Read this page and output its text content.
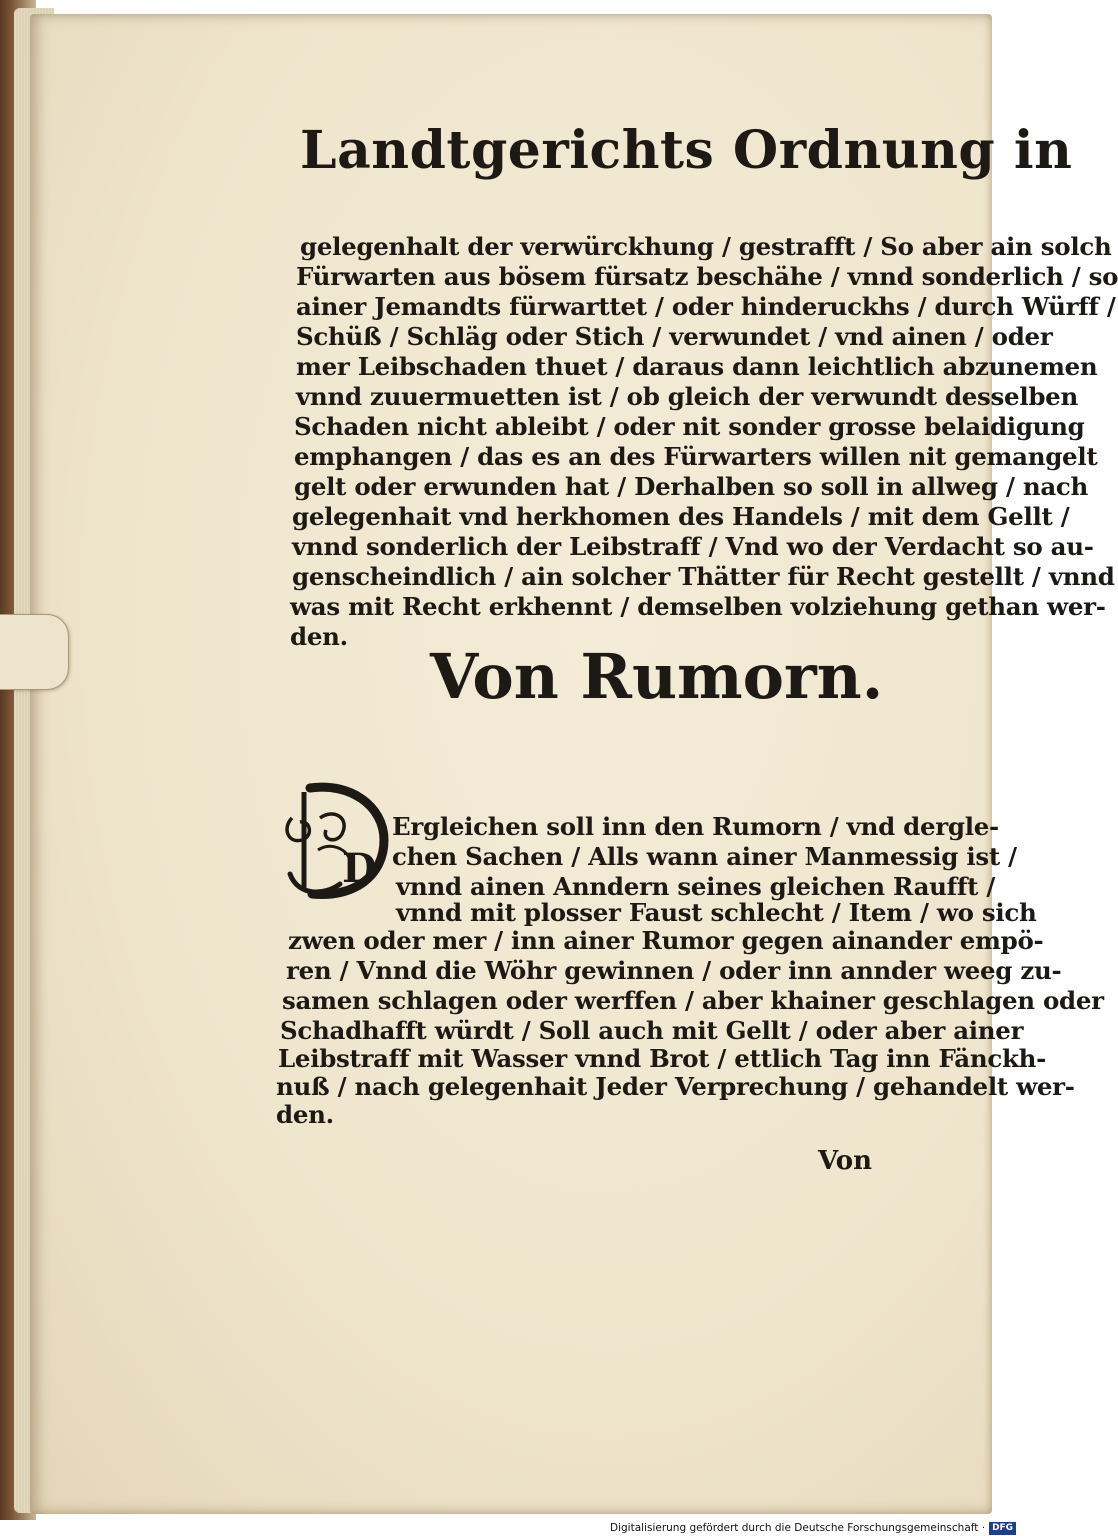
Landtgerichts Ordnung in
gelegenhalt der verwürckhung / gestrafft / So aber ain solch
Fürwarten aus bösem fürsatz beschähe / vnnd sonderlich / so
ainer Jemandts fürwarttet / oder hinderuckhs / durch Würff /
Schüß / Schläg oder Stich / verwundet / vnd ainen / oder
mer Leibschaden thuet / daraus dann leichtlich abzunemen
vnnd zuuermuetten ist / ob gleich der verwundt desselben
Schaden nicht ableibt / oder nit sonder grosse belaidigung
emphangen / das es an des Fürwarters willen nit gemangelt
gelt oder erwunden hat / Derhalben so soll in allweg / nach
gelegenhait vnd herkhomen des Handels / mit dem Gellt /
vnnd sonderlich der Leibstraff / Vnd wo der Verdacht so au-
genscheindlich / ain solcher Thätter für Recht gestellt / vnnd
was mit Recht erkhennt / demselben volziehung gethan wer-
den.
Von Rumorn.
D
Ergleichen soll inn den Rumorn / vnd dergle-
chen Sachen / Alls wann ainer Manmessig ist /
vnnd ainen Anndern seines gleichen Raufft /
vnnd mit plosser Faust schlecht / Item / wo sich
zwen oder mer / inn ainer Rumor gegen ainander empö-
ren / Vnnd die Wöhr gewinnen / oder inn annder weeg zu-
samen schlagen oder werffen / aber khainer geschlagen oder
Schadhafft würdt / Soll auch mit Gellt / oder aber ainer
Leibstraff mit Wasser vnnd Brot / ettlich Tag inn Fänckh-
nuß / nach gelegenhait Jeder Verprechung / gehandelt wer-
den.
Von
Digitalisierung gefördert durch die Deutsche Forschungsgemeinschaft · DFG
